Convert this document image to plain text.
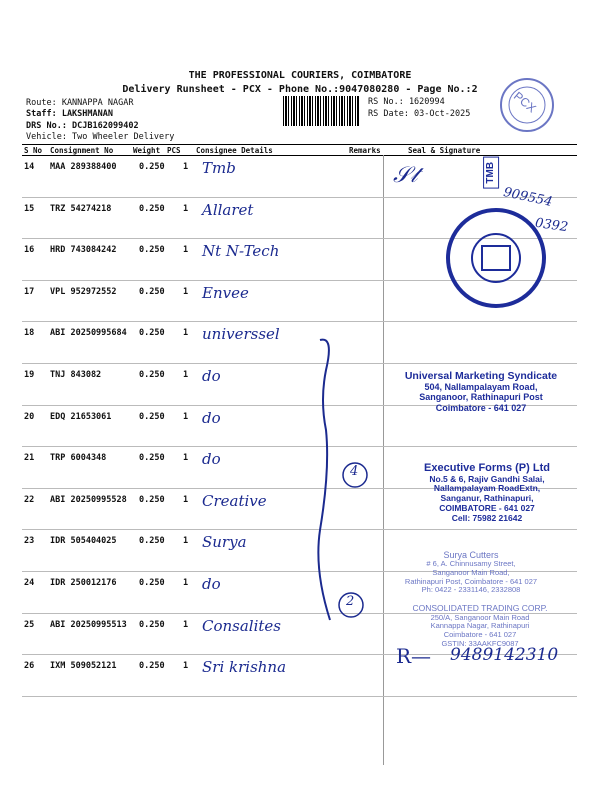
THE PROFESSIONAL COURIERS, COIMBATORE
Delivery Runsheet - PCX - Phone No.:9047080280 - Page No.:2
Route: KANNAPPA NAGAR
Staff: LAKSHMANAN
DRS No.: DCJB162099402
Vehicle: Two Wheeler Delivery
RS No.: 1620994
RS Date: 03-Oct-2025	PCX
S No Consignment No	Weight PCS Consignee Details	Remarks	Seal & Signature
14 MAA 289388400	0.250 1 Tmb
15 TRZ 54274218	0.250 1 Allaret
16 HRD 743084242	0.250 1 Nt N-Tech
17 VPL 952972552	0.250 1 Envee
18 ABI 20250995684 0.250 1 universsel
19 TNJ 843082	0.250 1 do
20 EDQ 21653061	0.250 1 do
21 TRP 6004348	0.250 1 do
22 ABI 20250995528 0.250 1 Creative
23 IDR 505404025	0.250 1 Surya
24 IDR 250012176	0.250 1 do
25 ABI 20250995513 0.250 1 Consalites
26 IXM 509052121	0.250 1 Sri krishna
𝒮𝓉	TMB
909554
0392
4
2
Universal Marketing Syndicate
504, Nallampalayam Road,
Sanganoor, Rathinapuri Post
Coimbatore - 641 027
Executive Forms (P) Ltd
No.5 & 6, Rajiv Gandhi Salai,
Nallampalayam RoadExtn,
Sanganur, Rathinapuri,
COIMBATORE - 641 027
Cell: 75982 21642
Surya Cutters
# 6, A. Chinnusamy Street,
Sanganoor Main Road,
Rathinapuri Post, Coimbatore - 641 027
Ph: 0422 - 2331146, 2332808
CONSOLIDATED TRADING CORP.
250/A, Sanganoor Main Road
Kannappa Nagar, Rathinapuri
Coimbatore - 641 027
GSTIN: 33AAKFC9087
R— 9489142310
